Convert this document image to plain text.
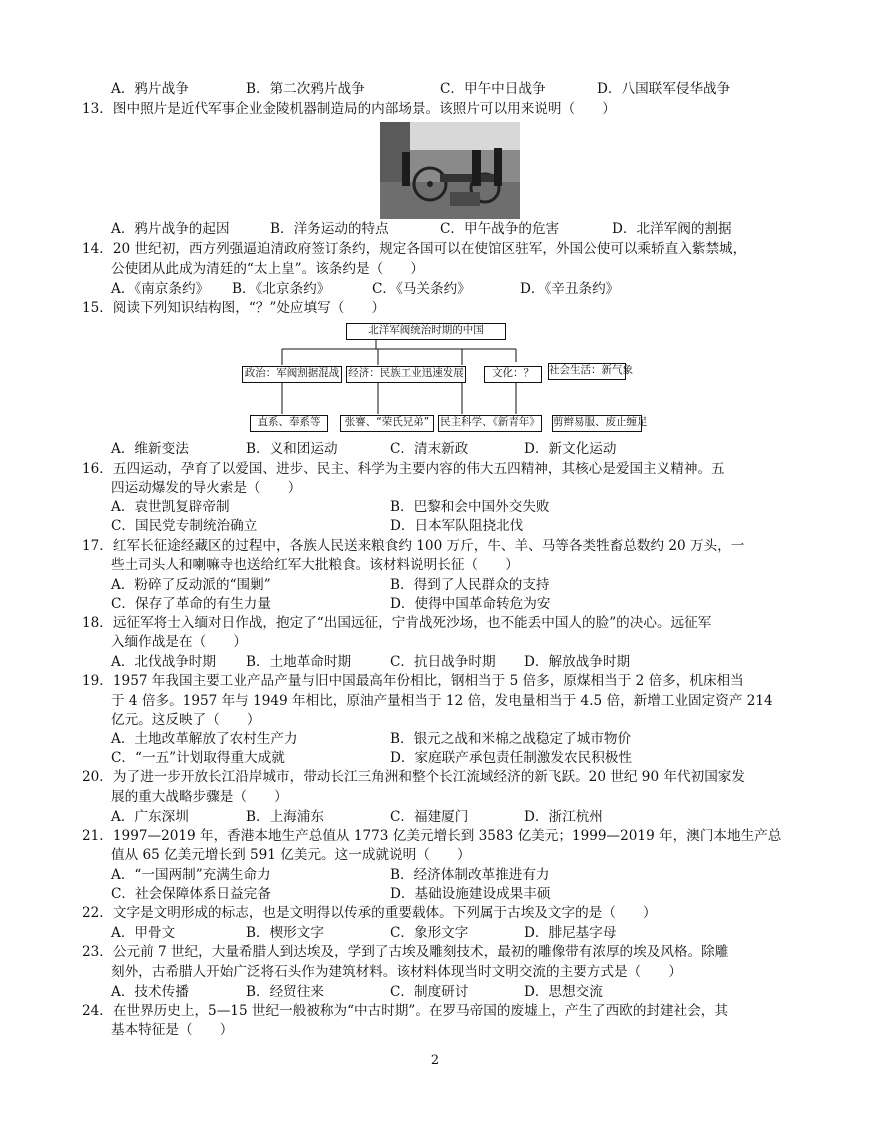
A．鸦片战争	B．第二次鸦片战争	C．甲午中日战争	D．八国联军侵华战争
13．图中照片是近代军事企业金陵机器制造局的内部场景。该照片可以用来说明（　　）
A．鸦片战争的起因	B．洋务运动的特点	C．甲午战争的危害	D．北洋军阀的割据
14．20 世纪初，西方列强逼迫清政府签订条约，规定各国可以在使馆区驻军，外国公使可以乘轿直入紫禁城，
公使团从此成为清廷的“太上皇”。该条约是（　　）
A．《南京条约》 B．《北京条约》	C．《马关条约》	D．《辛丑条约》
15．阅读下列知识结构图，“？”处应填写（　　）
北洋军阀统治时期的中国
政治：军阀割据混战 经济：民族工业迅速发展	文化：？	社会生活：新气象
直系、奉系等	张謇、“荣氏兄弟”	民主科学、《新青年》 剪辫易服、废止缠足
A．维新变法	B．义和团运动	C．清末新政	D．新文化运动
16．五四运动，孕育了以爱国、进步、民主、科学为主要内容的伟大五四精神，其核心是爱国主义精神。五
四运动爆发的导火索是（　　）
A．袁世凯复辟帝制	B．巴黎和会中国外交失败
C．国民党专制统治确立	D．日本军队阻挠北伐
17．红军长征途经藏区的过程中，各族人民送来粮食约 100 万斤，牛、羊、马等各类牲畜总数约 20 万头，一
些土司头人和喇嘛寺也送给红军大批粮食。该材料说明长征（　　）
A．粉碎了反动派的“围剿”	B．得到了人民群众的支持
C．保存了革命的有生力量	D．使得中国革命转危为安
18．远征军将士入缅对日作战，抱定了“出国远征，宁肯战死沙场，也不能丢中国人的脸”的决心。远征军
入缅作战是在（　　）
A．北伐战争时期 B．土地革命时期	C．抗日战争时期 D．解放战争时期
19．1957 年我国主要工业产品产量与旧中国最高年份相比，钢相当于 5 倍多，原煤相当于 2 倍多，机床相当
于 4 倍多。1957 年与 1949 年相比，原油产量相当于 12 倍，发电量相当于 4.5 倍，新增工业固定资产 214
亿元。这反映了（　　）
A．土地改革解放了农村生产力	B．银元之战和米棉之战稳定了城市物价
C．“一五”计划取得重大成就	D．家庭联产承包责任制激发农民积极性
20．为了进一步开放长江沿岸城市，带动长江三角洲和整个长江流域经济的新飞跃。20 世纪 90 年代初国家发
展的重大战略步骤是（　　）
A．广东深圳	B．上海浦东	C．福建厦门	D．浙江杭州
21．1997—2019 年，香港本地生产总值从 1773 亿美元增长到 3583 亿美元；1999—2019 年，澳门本地生产总
值从 65 亿美元增长到 591 亿美元。这一成就说明（　　）
A．“一国两制”充满生命力	B．经济体制改革推进有力
C．社会保障体系日益完备	D．基础设施建设成果丰硕
22．文字是文明形成的标志，也是文明得以传承的重要载体。下列属于古埃及文字的是（　　）
A．甲骨文	B．楔形文字	C．象形文字	D．腓尼基字母
23．公元前 7 世纪，大量希腊人到达埃及，学到了古埃及雕刻技术，最初的雕像带有浓厚的埃及风格。除雕
刻外，古希腊人开始广泛将石头作为建筑材料。该材料体现当时文明交流的主要方式是（　　）
A．技术传播	B．经贸往来	C．制度研讨	D．思想交流
24．在世界历史上，5—15 世纪一般被称为“中古时期”。在罗马帝国的废墟上，产生了西欧的封建社会，其
基本特征是（　　）
2
